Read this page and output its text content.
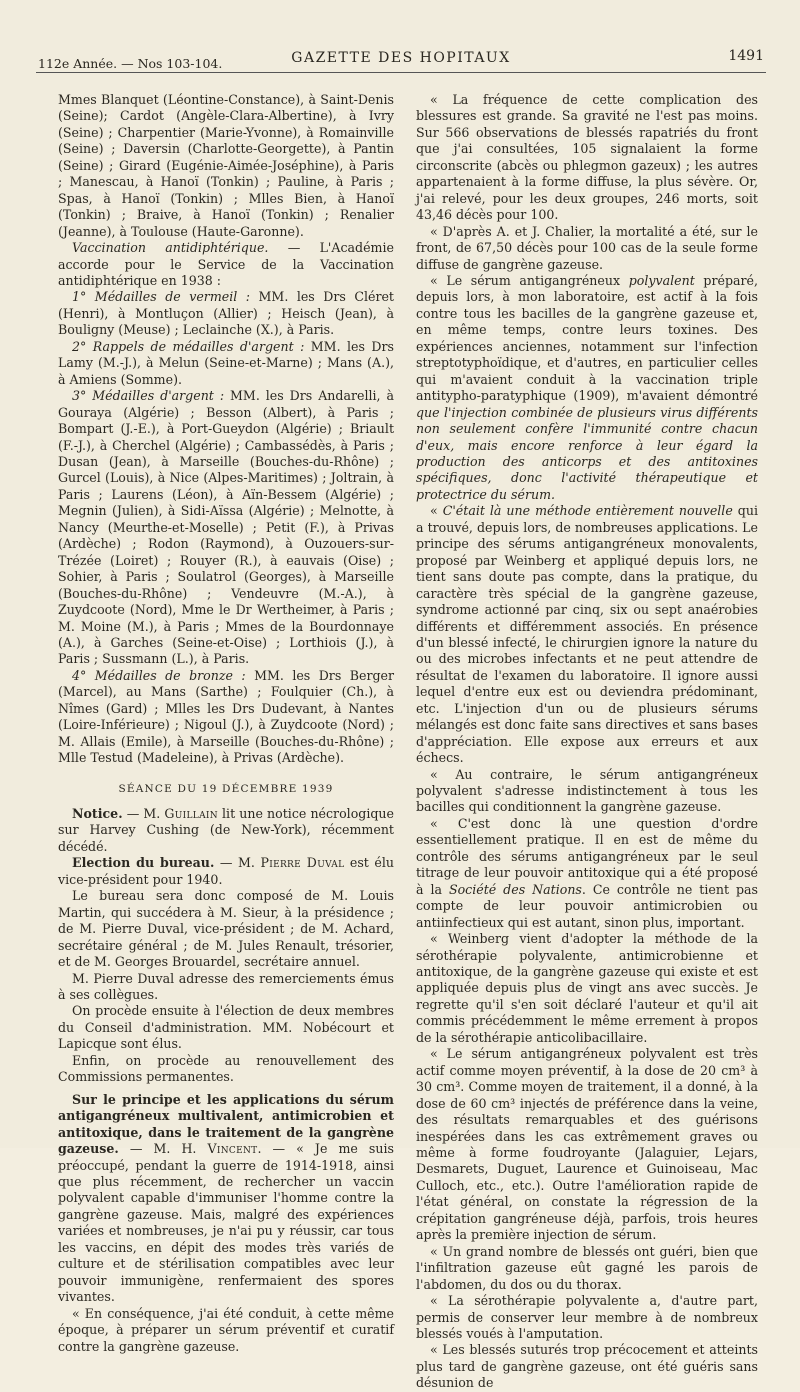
112e Année. — Nos 103-104.	GAZETTE DES HOPITAUX	1491

Mmes Blanquet (Léontine-Constance), à Saint-Denis (Seine); Cardot (Angèle-Clara-Albertine), à Ivry (Seine) ; Charpentier (Marie-Yvonne), à Romainville (Seine) ; Daversin (Charlotte-Georgette), à Pantin (Seine) ; Girard (Eugénie-Aimée-Joséphine), à Paris ; Manescau, à Hanoï (Tonkin) ; Pauline, à Paris ; Spas, à Hanoï (Tonkin) ; Mlles Bien, à Hanoï (Tonkin) ; Braive, à Hanoï (Tonkin) ; Renalier (Jeanne), à Toulouse (Haute-Garonne).

Vaccination antidiphtérique. — L'Académie accorde pour le Service de la Vaccination antidiphtérique en 1938 :

1° Médailles de vermeil : MM. les Drs Cléret (Henri), à Montluçon (Allier) ; Heisch (Jean), à Bouligny (Meuse) ; Leclainche (X.), à Paris.

2° Rappels de médailles d'argent : MM. les Drs Lamy (M.-J.), à Melun (Seine-et-Marne) ; Mans (A.), à Amiens (Somme).

3° Médailles d'argent : MM. les Drs Andarelli, à Gouraya (Algérie) ; Besson (Albert), à Paris ; Bompart (J.-E.), à Port-Gueydon (Algérie) ; Briault (F.-J.), à Cherchel (Algérie) ; Cambassédès, à Paris ; Dusan (Jean), à Marseille (Bouches-du-Rhône) ; Gurcel (Louis), à Nice (Alpes-Maritimes) ; Joltrain, à Paris ; Laurens (Léon), à Aïn-Bessem (Algérie) ; Megnin (Julien), à Sidi-Aïssa (Algérie) ; Melnotte, à Nancy (Meurthe-et-Moselle) ; Petit (F.), à Privas (Ardèche) ; Rodon (Raymond), à Ouzouers-sur-Trézée (Loiret) ; Rouyer (R.), à eauvais (Oise) ; Sohier, à Paris ; Soulatrol (Georges), à Marseille (Bouches-du-Rhône) ; Vendeuvre (M.-A.), à Zuydcoote (Nord), Mme le Dr Wertheimer, à Paris ; M. Moine (M.), à Paris ; Mmes de la Bourdonnaye (A.), à Garches (Seine-et-Oise) ; Lorthiois (J.), à Paris ; Sussmann (L.), à Paris.

4° Médailles de bronze : MM. les Drs Berger (Marcel), au Mans (Sarthe) ; Foulquier (Ch.), à Nîmes (Gard) ; Mlles les Drs Dudevant, à Nantes (Loire-Inférieure) ; Nigoul (J.), à Zuydcoote (Nord) ; M. Allais (Emile), à Marseille (Bouches-du-Rhône) ; Mlle Testud (Madeleine), à Privas (Ardèche).

SÉANCE DU 19 DÉCEMBRE 1939

Notice. — M. Guillain lit une notice nécrologique sur Harvey Cushing (de New-York), récemment décédé.

Election du bureau. — M. Pierre Duval est élu vice-président pour 1940.

Le bureau sera donc composé de M. Louis Martin, qui succédera à M. Sieur, à la présidence ; de M. Pierre Duval, vice-président ; de M. Achard, secrétaire général ; de M. Jules Renault, trésorier, et de M. Georges Brouardel, secrétaire annuel.

M. Pierre Duval adresse des remerciements émus à ses collègues.

On procède ensuite à l'élection de deux membres du Conseil d'administration. MM. Nobécourt et Lapicque sont élus.

Enfin, on procède au renouvellement des Commissions permanentes.

Sur le principe et les applications du sérum antigangréneux multivalent, antimicrobien et antitoxique, dans le traitement de la gangrène gazeuse. — M. H. Vincent. — « Je me suis préoccupé, pendant la guerre de 1914-1918, ainsi que plus récemment, de rechercher un vaccin polyvalent capable d'immuniser l'homme contre la gangrène gazeuse. Mais, malgré des expériences variées et nombreuses, je n'ai pu y réussir, car tous les vaccins, en dépit des modes très variés de culture et de stérilisation compatibles avec leur pouvoir immunigène, renfermaient des spores vivantes.

« En conséquence, j'ai été conduit, à cette même époque, à préparer un sérum préventif et curatif contre la gangrène gazeuse.

« La fréquence de cette complication des blessures est grande. Sa gravité ne l'est pas moins. Sur 566 observations de blessés rapatriés du front que j'ai consultées, 105 signalaient la forme circonscrite (abcès ou phlegmon gazeux) ; les autres appartenaient à la forme diffuse, la plus sévère. Or, j'ai relevé, pour les deux groupes, 246 morts, soit 43,46 décès pour 100.

« D'après A. et J. Chalier, la mortalité a été, sur le front, de 67,50 décès pour 100 cas de la seule forme diffuse de gangrène gazeuse.

« Le sérum antigangréneux polyvalent préparé, depuis lors, à mon laboratoire, est actif à la fois contre tous les bacilles de la gangrène gazeuse et, en même temps, contre leurs toxines. Des expériences anciennes, notamment sur l'infection streptotyphoïdique, et d'autres, en particulier celles qui m'avaient conduit à la vaccination triple antitypho-paratyphique (1909), m'avaient démontré que l'injection combinée de plusieurs virus différents non seulement confère l'immunité contre chacun d'eux, mais encore renforce à leur égard la production des anticorps et des antitoxines spécifiques, donc l'activité thérapeutique et protectrice du sérum.

« C'était là une méthode entièrement nouvelle qui a trouvé, depuis lors, de nombreuses applications. Le principe des sérums antigangréneux monovalents, proposé par Weinberg et appliqué depuis lors, ne tient sans doute pas compte, dans la pratique, du caractère très spécial de la gangrène gazeuse, syndrome actionné par cinq, six ou sept anaérobies différents et différemment associés. En présence d'un blessé infecté, le chirurgien ignore la nature du ou des microbes infectants et ne peut attendre de résultat de l'examen du laboratoire. Il ignore aussi lequel d'entre eux est ou deviendra prédominant, etc. L'injection d'un ou de plusieurs sérums mélangés est donc faite sans directives et sans bases d'appréciation. Elle expose aux erreurs et aux échecs.

« Au contraire, le sérum antigangréneux polyvalent s'adresse indistinctement à tous les bacilles qui conditionnent la gangrène gazeuse.

« C'est donc là une question d'ordre essentiellement pratique. Il en est de même du contrôle des sérums antigangréneux par le seul titrage de leur pouvoir antitoxique qui a été proposé à la Société des Nations. Ce contrôle ne tient pas compte de leur pouvoir antimicrobien ou antiinfectieux qui est autant, sinon plus, important.

« Weinberg vient d'adopter la méthode de la sérothérapie polyvalente, antimicrobienne et antitoxique, de la gangrène gazeuse qui existe et est appliquée depuis plus de vingt ans avec succès. Je regrette qu'il s'en soit déclaré l'auteur et qu'il ait commis précédemment le même errement à propos de la sérothérapie anticolibacillaire.

« Le sérum antigangréneux polyvalent est très actif comme moyen préventif, à la dose de 20 cm³ à 30 cm³. Comme moyen de traitement, il a donné, à la dose de 60 cm³ injectés de préférence dans la veine, des résultats remarquables et des guérisons inespérées dans les cas extrêmement graves ou même à forme foudroyante (Jalaguier, Lejars, Desmarets, Duguet, Laurence et Guinoiseau, Mac Culloch, etc., etc.). Outre l'amélioration rapide de l'état général, on constate la régression de la crépitation gangréneuse déjà, parfois, trois heures après la première injection de sérum.

« Un grand nombre de blessés ont guéri, bien que l'infiltration gazeuse eût gagné les parois de l'abdomen, du dos ou du thorax.

« La sérothérapie polyvalente a, d'autre part, permis de conserver leur membre à de nombreux blessés voués à l'amputation.

« Les blessés suturés trop précocement et atteints plus tard de gangrène gazeuse, ont été guéris sans désunion de
